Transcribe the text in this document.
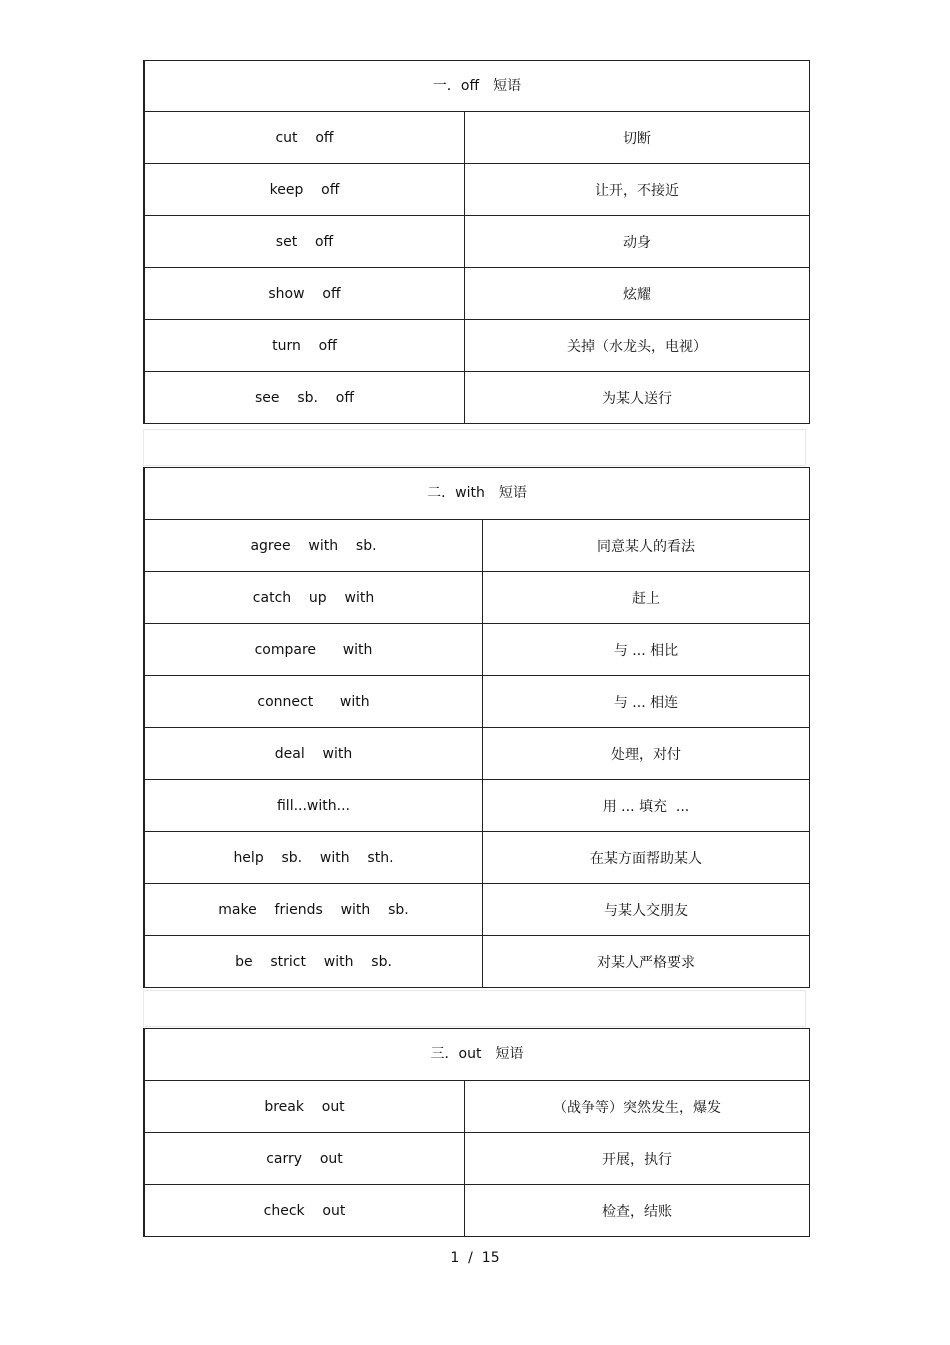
一．off　短语
cut    off	切断
keep    off	让开，不接近
set    off	动身
show    off	炫耀
turn    off	关掉（水龙头，电视）
see    sb.    off	为某人送行
二．with　短语
agree    with    sb.	同意某人的看法
catch    up    with	赶上
compare      with	与 ... 相比
connect      with	与 ... 相连
deal    with	处理，对付
fill...with...	用 ... 填充  ...
help    sb.    with    sth.	在某方面帮助某人
make    friends    with    sb.	与某人交朋友
be    strict    with    sb.	对某人严格要求
三．out　短语
break    out	（战争等）突然发生，爆发
carry    out	开展，执行
check    out	检查，结账
1  /  15
